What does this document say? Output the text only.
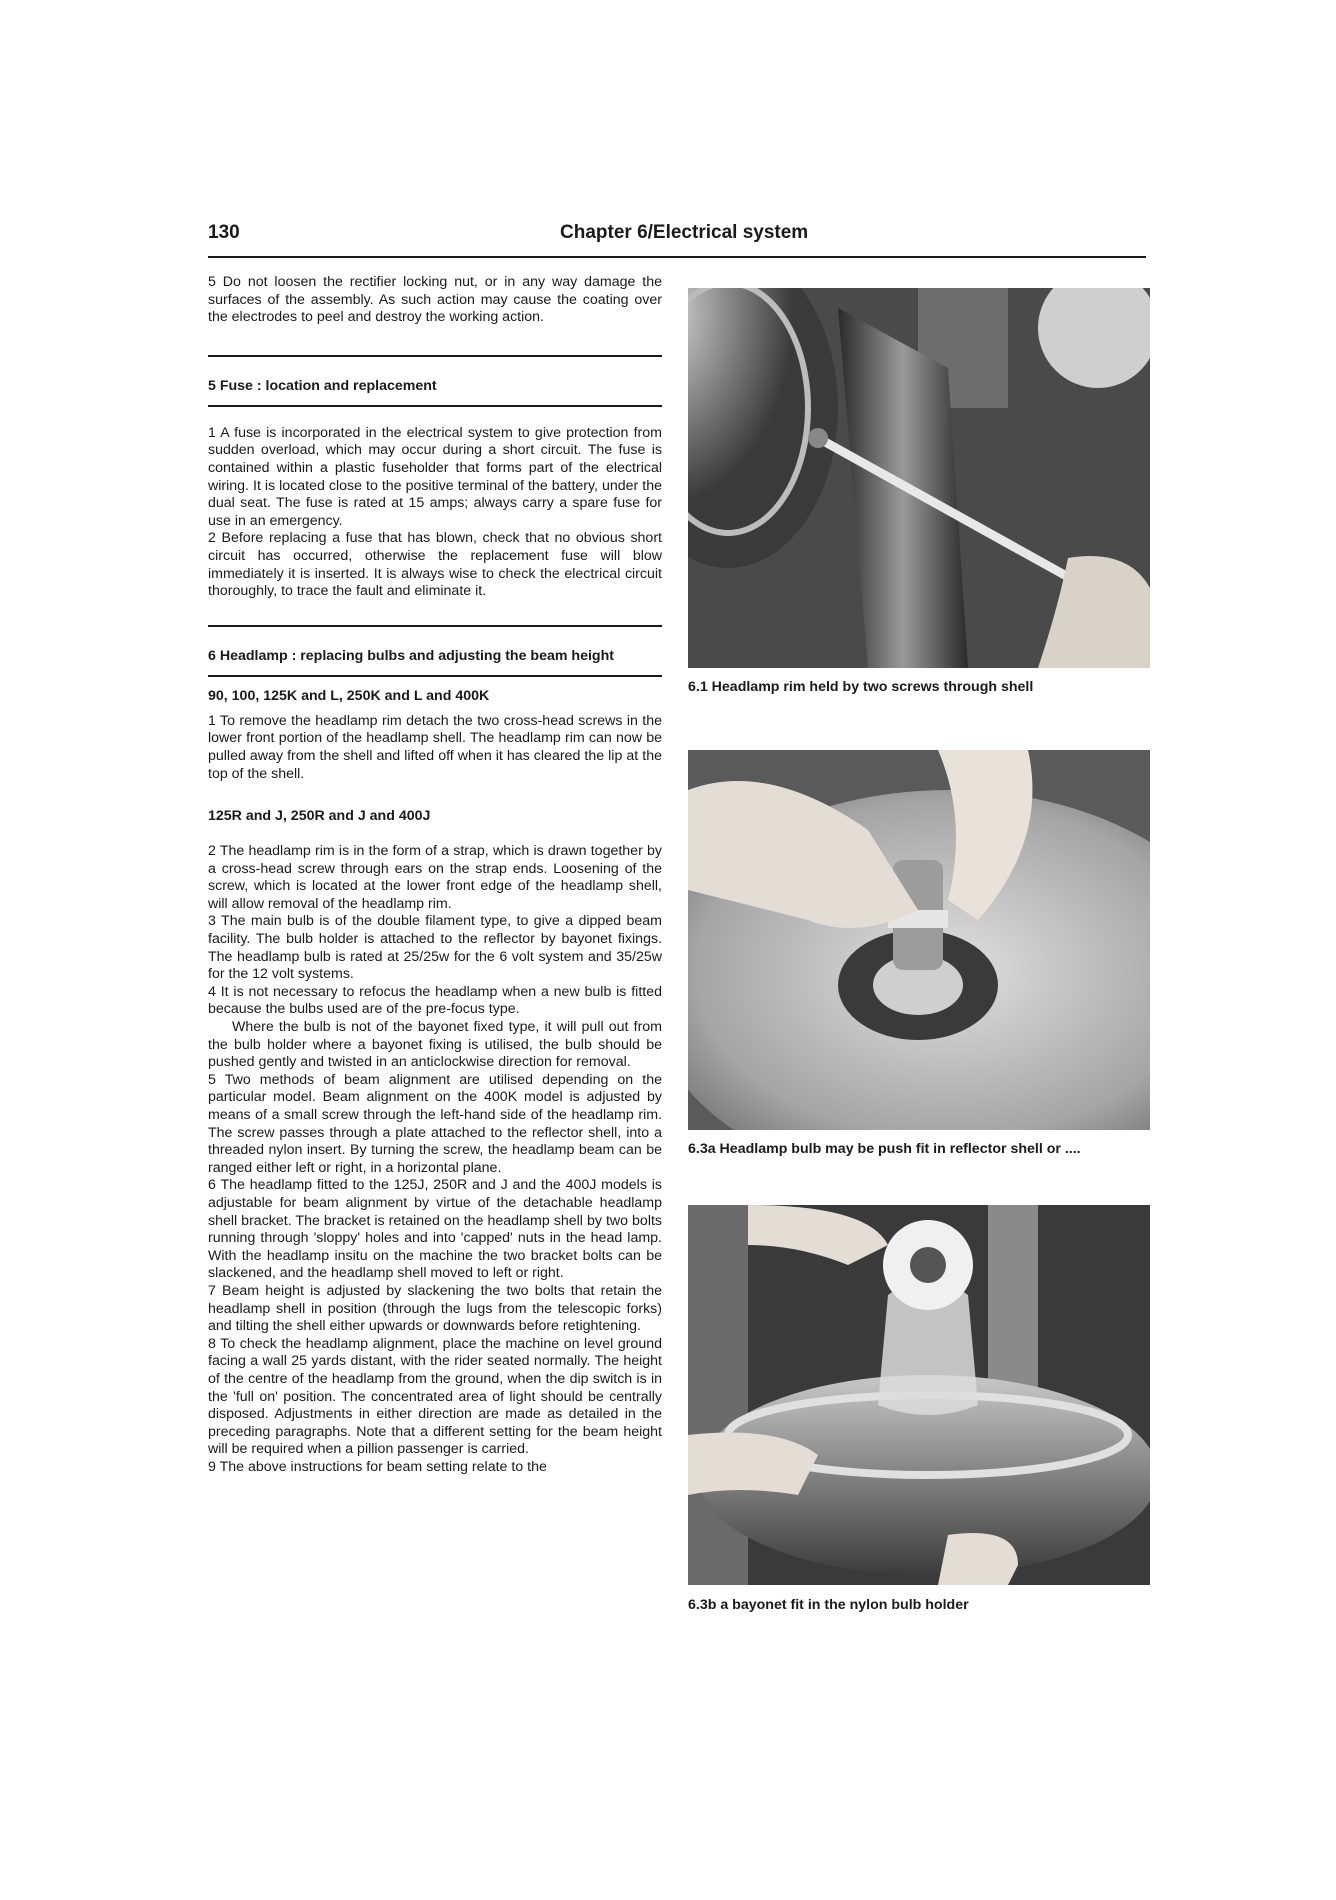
130	Chapter 6/Electrical system

5 Do not loosen the rectifier locking nut, or in any way damage the surfaces of the assembly. As such action may cause the coating over the electrodes to peel and destroy the working action.

5 Fuse : location and replacement

1 A fuse is incorporated in the electrical system to give protection from sudden overload, which may occur during a short circuit. The fuse is contained within a plastic fuseholder that forms part of the electrical wiring. It is located close to the positive terminal of the battery, under the dual seat. The fuse is rated at 15 amps; always carry a spare fuse for use in an emergency.

2 Before replacing a fuse that has blown, check that no obvious short circuit has occurred, otherwise the replacement fuse will blow immediately it is inserted. It is always wise to check the electrical circuit thoroughly, to trace the fault and eliminate it.

6 Headlamp : replacing bulbs and adjusting the beam height
90, 100, 125K and L, 250K and L and 400K

1 To remove the headlamp rim detach the two cross-head screws in the lower front portion of the headlamp shell. The headlamp rim can now be pulled away from the shell and lifted off when it has cleared the lip at the top of the shell.

125R and J, 250R and J and 400J

2 The headlamp rim is in the form of a strap, which is drawn together by a cross-head screw through ears on the strap ends. Loosening of the screw, which is located at the lower front edge of the headlamp shell, will allow removal of the headlamp rim.

3 The main bulb is of the double filament type, to give a dipped beam facility. The bulb holder is attached to the reflector by bayonet fixings. The headlamp bulb is rated at 25/25w for the 6 volt system and 35/25w for the 12 volt systems.

4 It is not necessary to refocus the headlamp when a new bulb is fitted because the bulbs used are of the pre-focus type.

Where the bulb is not of the bayonet fixed type, it will pull out from the bulb holder where a bayonet fixing is utilised, the bulb should be pushed gently and twisted in an anticlockwise direction for removal.

5 Two methods of beam alignment are utilised depending on the particular model. Beam alignment on the 400K model is adjusted by means of a small screw through the left-hand side of the headlamp rim. The screw passes through a plate attached to the reflector shell, into a threaded nylon insert. By turning the screw, the headlamp beam can be ranged either left or right, in a horizontal plane.

6 The headlamp fitted to the 125J, 250R and J and the 400J models is adjustable for beam alignment by virtue of the detachable headlamp shell bracket. The bracket is retained on the headlamp shell by two bolts running through 'sloppy' holes and into 'capped' nuts in the head lamp. With the headlamp insitu on the machine the two bracket bolts can be slackened, and the headlamp shell moved to left or right.

7 Beam height is adjusted by slackening the two bolts that retain the headlamp shell in position (through the lugs from the telescopic forks) and tilting the shell either upwards or downwards before retightening.

8 To check the headlamp alignment, place the machine on level ground facing a wall 25 yards distant, with the rider seated normally. The height of the centre of the headlamp from the ground, when the dip switch is in the 'full on' position. The concentrated area of light should be centrally disposed. Adjustments in either direction are made as detailed in the preceding paragraphs. Note that a different setting for the beam height will be required when a pillion passenger is carried.

9 The above instructions for beam setting relate to the

6.1 Headlamp rim held by two screws through shell
6.3a Headlamp bulb may be push fit in reflector shell or ....
6.3b a bayonet fit in the nylon bulb holder
